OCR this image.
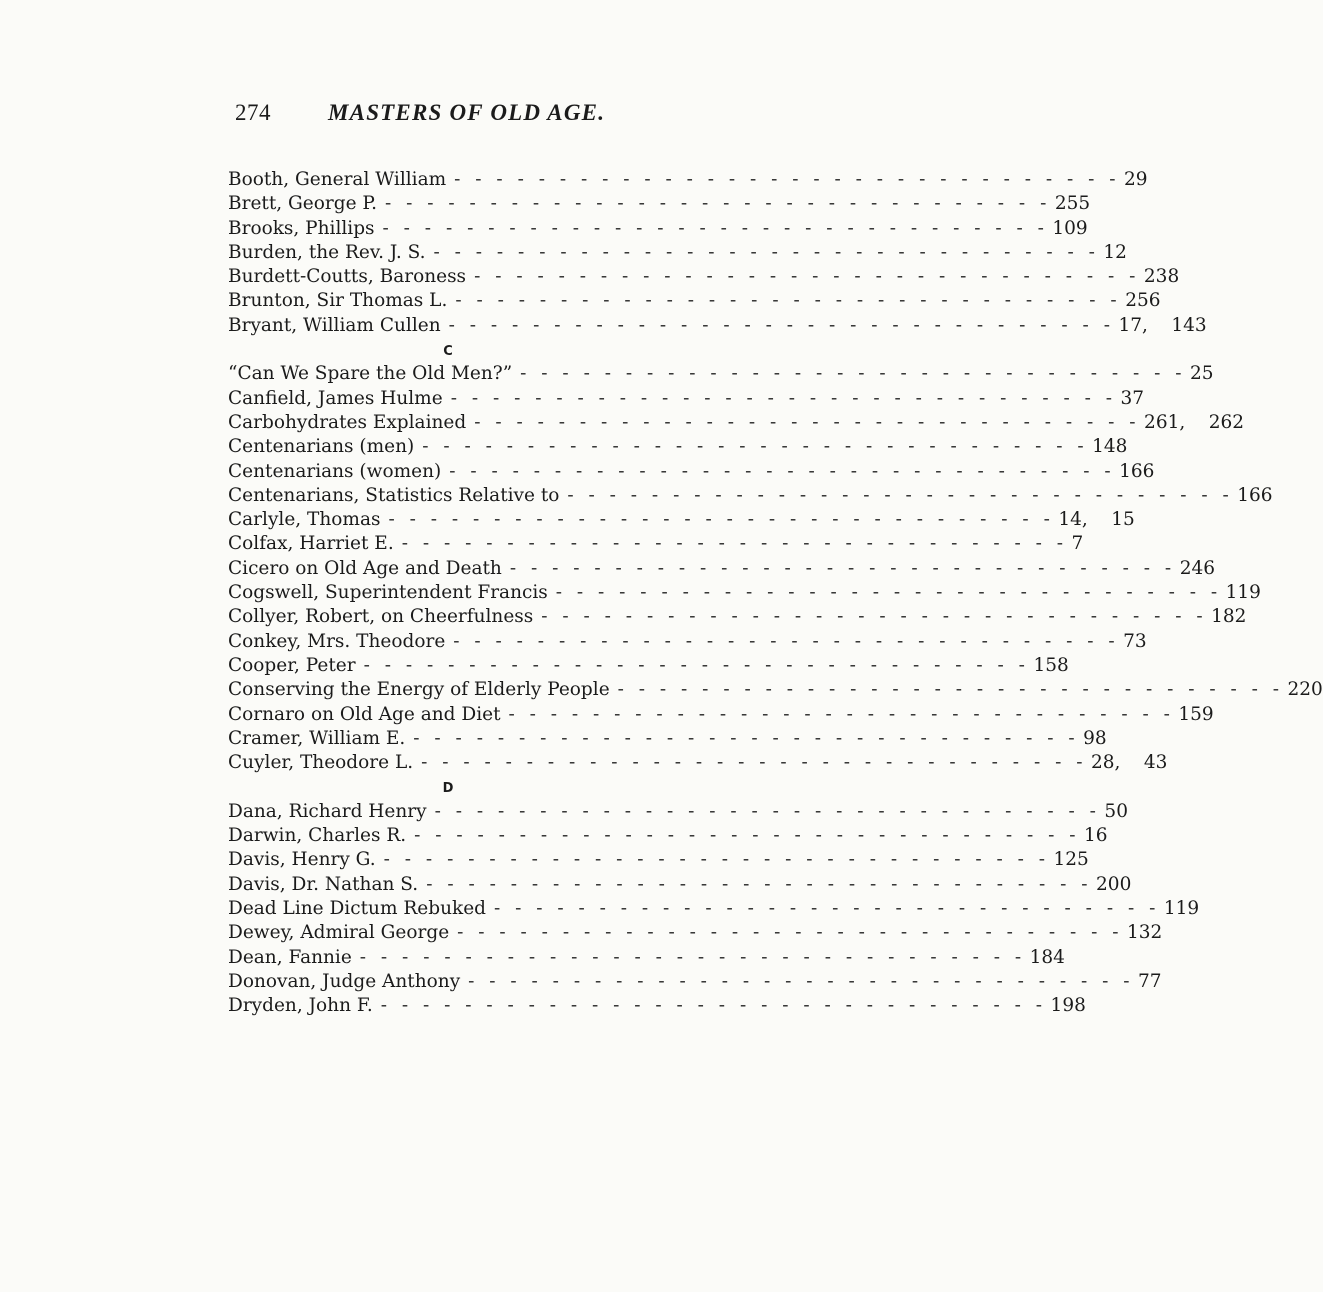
274 MASTERS OF OLD AGE.
Booth, General William - - - - - - - - - - - - - - - - - - - - - - - - - - - - - - - - 29
Brett, George P. - - - - - - - - - - - - - - - - - - - - - - - - - - - - - - - - 255
Brooks, Phillips - - - - - - - - - - - - - - - - - - - - - - - - - - - - - - - - 109
Burden, the Rev. J. S. - - - - - - - - - - - - - - - - - - - - - - - - - - - - - - - - 12
Burdett-Coutts, Baroness - - - - - - - - - - - - - - - - - - - - - - - - - - - - - - - - 238
Brunton, Sir Thomas L. - - - - - - - - - - - - - - - - - - - - - - - - - - - - - - - - 256
Bryant, William Cullen - - - - - - - - - - - - - - - - - - - - - - - - - - - - - - - - 17,    143
C
“Can We Spare the Old Men?” - - - - - - - - - - - - - - - - - - - - - - - - - - - - - - - - 25
Canfield, James Hulme - - - - - - - - - - - - - - - - - - - - - - - - - - - - - - - - 37
Carbohydrates Explained - - - - - - - - - - - - - - - - - - - - - - - - - - - - - - - - 261,    262
Centenarians (men) - - - - - - - - - - - - - - - - - - - - - - - - - - - - - - - - 148
Centenarians (women) - - - - - - - - - - - - - - - - - - - - - - - - - - - - - - - - 166
Centenarians, Statistics Relative to - - - - - - - - - - - - - - - - - - - - - - - - - - - - - - - - 166
Carlyle, Thomas - - - - - - - - - - - - - - - - - - - - - - - - - - - - - - - - 14,    15
Colfax, Harriet E. - - - - - - - - - - - - - - - - - - - - - - - - - - - - - - - - 7
Cicero on Old Age and Death - - - - - - - - - - - - - - - - - - - - - - - - - - - - - - - - 246
Cogswell, Superintendent Francis - - - - - - - - - - - - - - - - - - - - - - - - - - - - - - - - 119
Collyer, Robert, on Cheerfulness - - - - - - - - - - - - - - - - - - - - - - - - - - - - - - - - 182
Conkey, Mrs. Theodore - - - - - - - - - - - - - - - - - - - - - - - - - - - - - - - - 73
Cooper, Peter - - - - - - - - - - - - - - - - - - - - - - - - - - - - - - - - 158
Conserving the Energy of Elderly People - - - - - - - - - - - - - - - - - - - - - - - - - - - - - - - - 220
Cornaro on Old Age and Diet - - - - - - - - - - - - - - - - - - - - - - - - - - - - - - - - 159
Cramer, William E. - - - - - - - - - - - - - - - - - - - - - - - - - - - - - - - - 98
Cuyler, Theodore L. - - - - - - - - - - - - - - - - - - - - - - - - - - - - - - - - 28,    43
D
Dana, Richard Henry - - - - - - - - - - - - - - - - - - - - - - - - - - - - - - - - 50
Darwin, Charles R. - - - - - - - - - - - - - - - - - - - - - - - - - - - - - - - - 16
Davis, Henry G. - - - - - - - - - - - - - - - - - - - - - - - - - - - - - - - - 125
Davis, Dr. Nathan S. - - - - - - - - - - - - - - - - - - - - - - - - - - - - - - - - 200
Dead Line Dictum Rebuked - - - - - - - - - - - - - - - - - - - - - - - - - - - - - - - - 119
Dewey, Admiral George - - - - - - - - - - - - - - - - - - - - - - - - - - - - - - - - 132
Dean, Fannie - - - - - - - - - - - - - - - - - - - - - - - - - - - - - - - - 184
Donovan, Judge Anthony - - - - - - - - - - - - - - - - - - - - - - - - - - - - - - - - 77
Dryden, John F. - - - - - - - - - - - - - - - - - - - - - - - - - - - - - - - - 198
